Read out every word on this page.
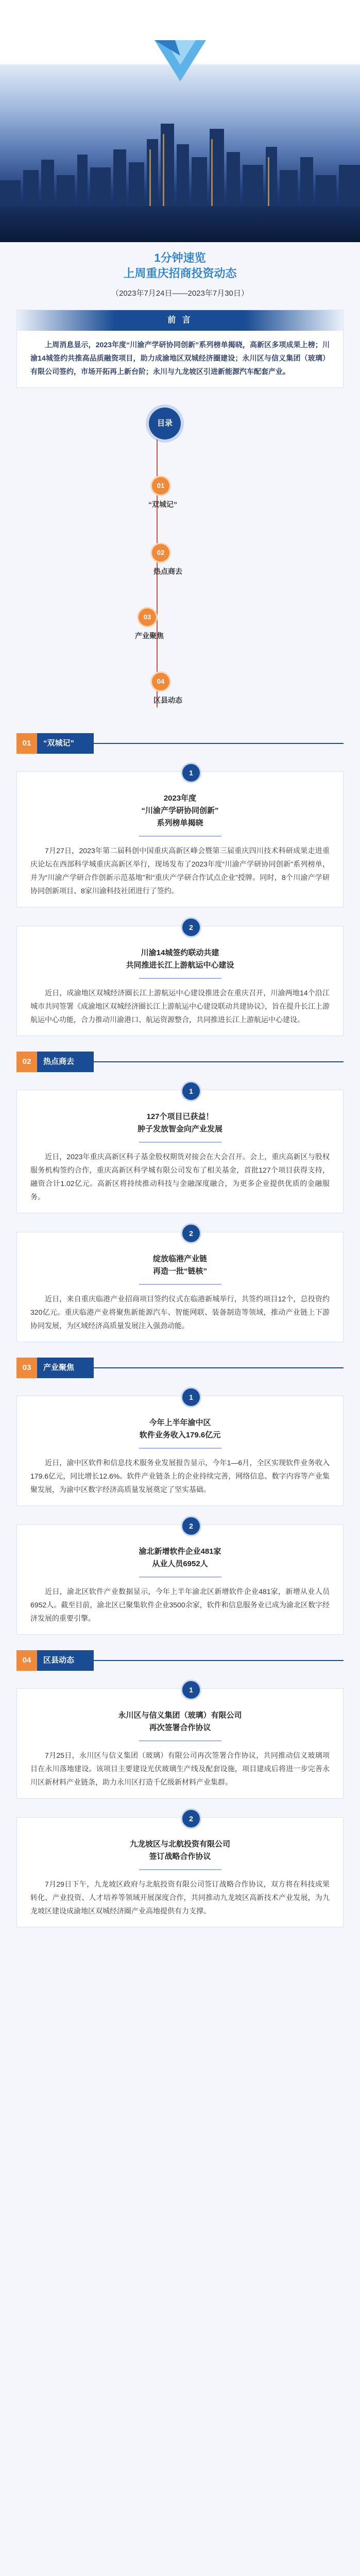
1分钟速览
上周重庆招商投资动态
（2023年7月24日——2023年7月30日）
前 言
上周消息显示，2023年度“川渝产学研协同创新”系列榜单揭晓，高新区多项成果上榜；川渝14城签约共推高品质融资项目，助力成渝地区双城经济圈建设；永川区与信义集团（玻璃）有限公司签约，市场开拓再上新台阶；永川与九龙坡区引进新能源汽车配套产业。
目录
01
“双城记”
02
热点商去
03
产业聚焦
04
区县动态
01 “双城记”
1
2023年度
“川渝产学研协同创新”
系列榜单揭晓
7月27日，2023年第二届科创中国重庆高新区峰会暨第三届重庆四川技术科研成果走进重庆论坛在西部科学城重庆高新区举行，现场发布了2023年度“川渝产学研协同创新”系列榜单，并为“川渝产学研合作创新示范基地”和“重庆产学研合作试点企业”授牌。同时，8个川渝产学研协同创新项目、8家川渝科技社团进行了签约。
2
川渝14城签约联动共建
共同推进长江上游航运中心建设
近日，成渝地区双城经济圈长江上游航运中心建设推进会在重庆召开，川渝两地14个沿江城市共同签署《成渝地区双城经济圈长江上游航运中心建设联动共建协议》，旨在提升长江上游航运中心功能，合力推动川渝港口、航运资源整合，共同推进长江上游航运中心建设。
02 热点商去
1
127个项目已获益！
肿子发放智金向产业发展
近日，2023年重庆高新区科子基金股权期货对接会在大会召开。会上，重庆高新区与股权服务机构签约合作，重庆高新区科学城有限公司发布了相关基金，首批127个项目获得支持，融资合计1.02亿元。高新区将持续推动科技与金融深度融合，为更多企业提供优质的金融服务。
2
绽放临港产业链
再造一批“链核”
近日，来自重庆临港产业招商项目签约仪式在临港新城举行，共签约项目12个，总投资约320亿元。重庆临港产业将聚焦新能源汽车、智能网联、装备制造等领域，推动产业链上下游协同发展，为区域经济高质量发展注入强劲动能。
03 产业聚焦
1
今年上半年渝中区
软件业务收入179.6亿元
近日，渝中区软件和信息技术服务业发展报告显示，今年1—6月，全区实现软件业务收入179.6亿元，同比增长12.6%。软件产业链条上的企业持续完善，网络信息、数字内容等产业集聚发展，为渝中区数字经济高质量发展奠定了坚实基础。
2
渝北新增软件企业481家
从业人员6952人
近日，渝北区软件产业数据显示，今年上半年渝北区新增软件企业481家，新增从业人员6952人。截至目前，渝北区已聚集软件企业3500余家，软件和信息服务业已成为渝北区数字经济发展的重要引擎。
04 区县动态
1
永川区与信义集团（玻璃）有限公司
再次签署合作协议
7月25日，永川区与信义集团（玻璃）有限公司再次签署合作协议，共同推动信义玻璃项目在永川落地建设。该项目主要建设光伏玻璃生产线及配套设施，项目建成后将进一步完善永川区新材料产业链条，助力永川区打造千亿级新材料产业集群。
2
九龙坡区与北航投资有限公司
签订战略合作协议
7月29日下午，九龙坡区政府与北航投资有限公司签订战略合作协议，双方将在科技成果转化、产业投资、人才培养等领域开展深度合作，共同推动九龙坡区高新技术产业发展，为九龙坡区建设成渝地区双城经济圈产业高地提供有力支撑。
